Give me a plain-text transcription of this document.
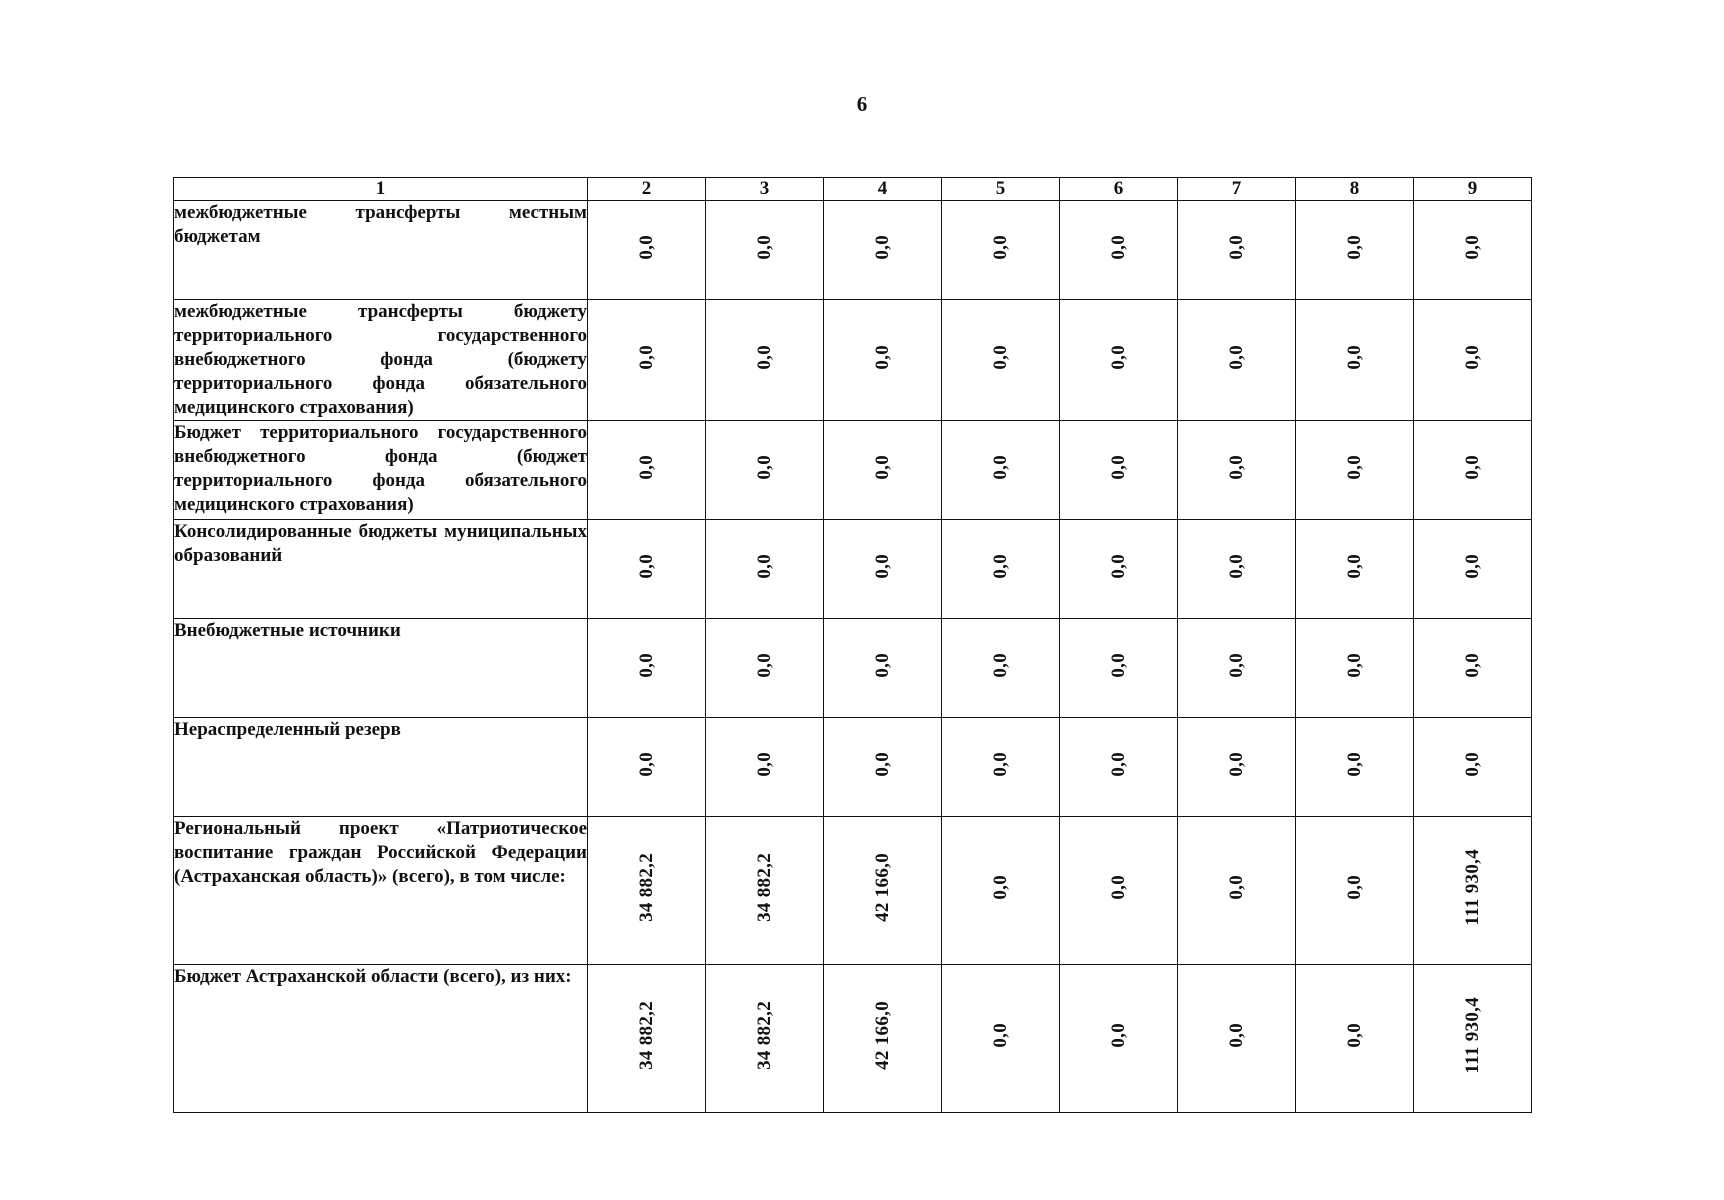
6
1	2	3	4	5	6	7	8	9
межбюджетные трансферты местным бюджетам	0,0	0,0	0,0	0,0	0,0	0,0	0,0	0,0
межбюджетные трансферты бюджету территориального государственного внебюджетного фонда (бюджету территориального фонда обязательного медицинского страхования)	0,0	0,0	0,0	0,0	0,0	0,0	0,0	0,0
Бюджет территориального государственного внебюджетного фонда (бюджет территориального фонда обязательного медицинского страхования)	0,0	0,0	0,0	0,0	0,0	0,0	0,0	0,0
Консолидированные бюджеты муниципальных образований	0,0	0,0	0,0	0,0	0,0	0,0	0,0	0,0
Внебюджетные источники	0,0	0,0	0,0	0,0	0,0	0,0	0,0	0,0
Нераспределенный резерв	0,0	0,0	0,0	0,0	0,0	0,0	0,0	0,0
Региональный проект «Патриотическое воспитание граждан Российской Федерации (Астраханская область)» (всего), в том числе:	34 882,2	34 882,2	42 166,0	0,0	0,0	0,0	0,0	111 930,4
Бюджет Астраханской области (всего), из них:	34 882,2	34 882,2	42 166,0	0,0	0,0	0,0	0,0	111 930,4
